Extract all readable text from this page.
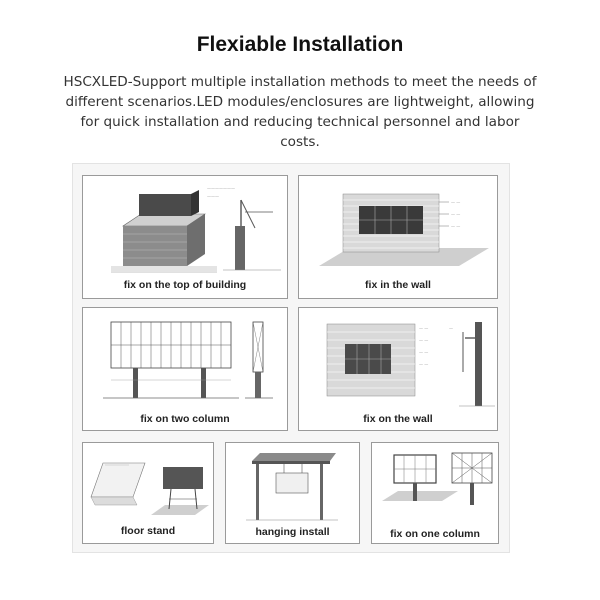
Flexiable Installation
HSCXLED-Support multiple installation methods to meet the needs of different scenarios.LED modules/enclosures are lightweight, allowing for quick installation and reducing technical personnel and labor costs.
———————
———
fix on the top of building
— —
— —
— —
fix in the wall
fix on two column
— —
— —
— —
— —
—
fix on the wall
floor stand	hanging install	fix on one column
